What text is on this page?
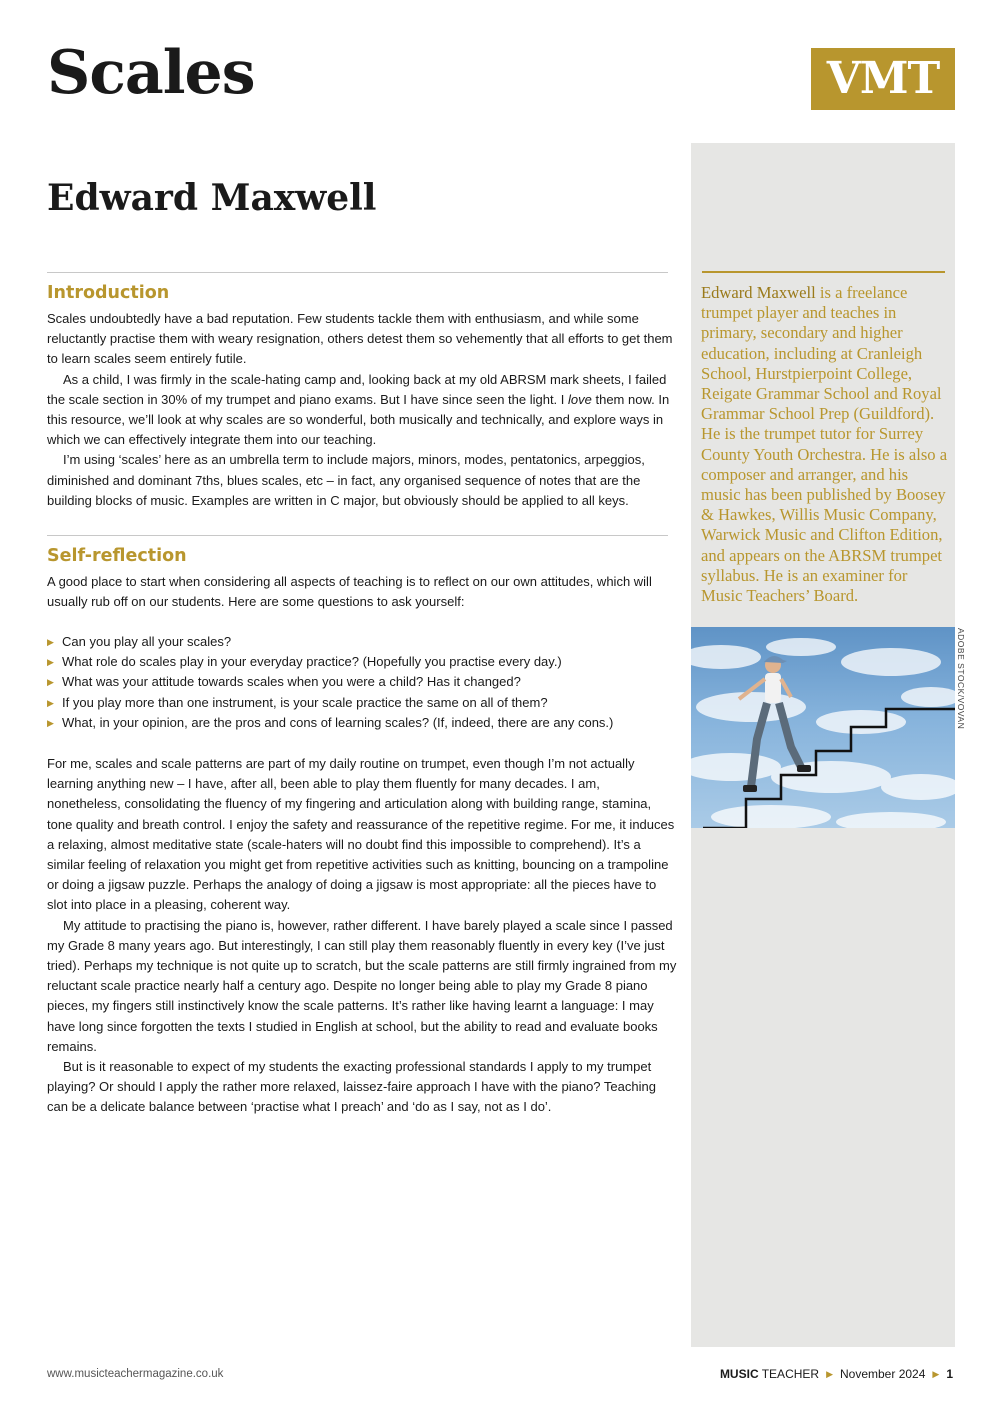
Scales	VMT
Edward Maxwell

Edward Maxwell is a freelance trumpet player and teaches in primary, secondary and higher education, including at Cranleigh School, Hurstpierpoint College, Reigate Grammar School and Royal Grammar School Prep (Guildford). He is the trumpet tutor for Surrey County Youth Orchestra. He is also a composer and arranger, and his music has been published by Boosey & Hawkes, Willis Music Company, Warwick Music and Clifton Edition, and appears on the ABRSM trumpet syllabus. He is an examiner for Music Teachers’ Board.

ADOBE STOCK/VOVAN
Introduction

Scales undoubtedly have a bad reputation. Few students tackle them with enthusiasm, and while some reluctantly practise them with weary resignation, others detest them so vehemently that all efforts to get them to learn scales seem entirely futile.

As a child, I was firmly in the scale-hating camp and, looking back at my old ABRSM mark sheets, I failed the scale section in 30% of my trumpet and piano exams. But I have since seen the light. I love them now. In this resource, we’ll look at why scales are so wonderful, both musically and technically, and explore ways in which we can effectively integrate them into our teaching.

I’m using ‘scales’ here as an umbrella term to include majors, minors, modes, pentatonics, arpeggios, diminished and dominant 7ths, blues scales, etc – in fact, any organised sequence of notes that are the building blocks of music. Examples are written in C major, but obviously should be applied to all keys.

Self-reflection

A good place to start when considering all aspects of teaching is to reflect on our own attitudes, which will usually rub off on our students. Here are some questions to ask yourself:

▶ Can you play all your scales?
▶ What role do scales play in your everyday practice? (Hopefully you practise every day.)
▶ What was your attitude towards scales when you were a child? Has it changed?
▶ If you play more than one instrument, is your scale practice the same on all of them?
▶ What, in your opinion, are the pros and cons of learning scales? (If, indeed, there are any cons.)

For me, scales and scale patterns are part of my daily routine on trumpet, even though I’m not actually learning anything new – I have, after all, been able to play them fluently for many decades. I am, nonetheless, consolidating the fluency of my fingering and articulation along with building range, stamina, tone quality and breath control. I enjoy the safety and reassurance of the repetitive regime. For me, it induces a relaxing, almost meditative state (scale-haters will no doubt find this impossible to comprehend). It’s a similar feeling of relaxation you might get from repetitive activities such as knitting, bouncing on a trampoline or doing a jigsaw puzzle. Perhaps the analogy of doing a jigsaw is most appropriate: all the pieces have to slot into place in a pleasing, coherent way.

My attitude to practising the piano is, however, rather different. I have barely played a scale since I passed my Grade 8 many years ago. But interestingly, I can still play them reasonably fluently in every key (I’ve just tried). Perhaps my technique is not quite up to scratch, but the scale patterns are still firmly ingrained from my reluctant scale practice nearly half a century ago. Despite no longer being able to play my Grade 8 piano pieces, my fingers still instinctively know the scale patterns. It’s rather like having learnt a language: I may have long since forgotten the texts I studied in English at school, but the ability to read and evaluate books remains.

But is it reasonable to expect of my students the exacting professional standards I apply to my trumpet playing? Or should I apply the rather more relaxed, laissez-faire approach I have with the piano? Teaching can be a delicate balance between ‘practise what I preach’ and ‘do as I say, not as I do’.

www.musicteachermagazine.co.uk	MUSIC TEACHER ▶ November 2024 ▶ 1
